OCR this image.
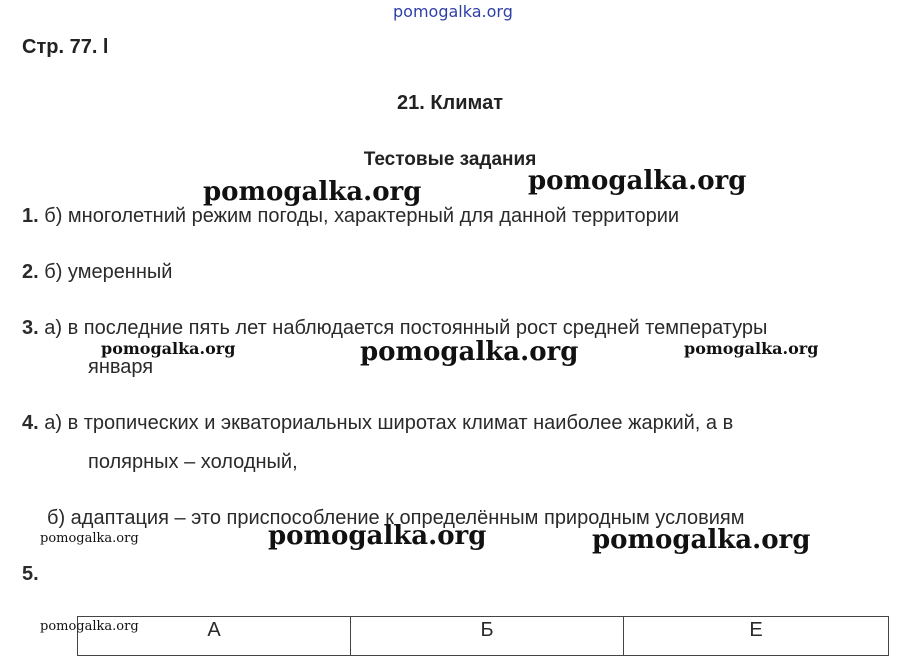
pomogalka.org
Стр. 77. l
21. Климат
Тестовые задания
pomogalka.org	pomogalka.org
1. б) многолетний режим погоды, характерный для данной территории
2. б) умеренный
3. а) в последние пять лет наблюдается постоянный рост средней температуры
января
pomogalka.org	pomogalka.org	pomogalka.org
4. а) в тропических и экваториальных широтах климат наиболее жаркий, а в
полярных – холодный,
б) адаптация – это приспособление к определённым природным условиям
pomogalka.org	pomogalka.org	pomogalka.org
5.
А	Б	Е
pomogalka.org
